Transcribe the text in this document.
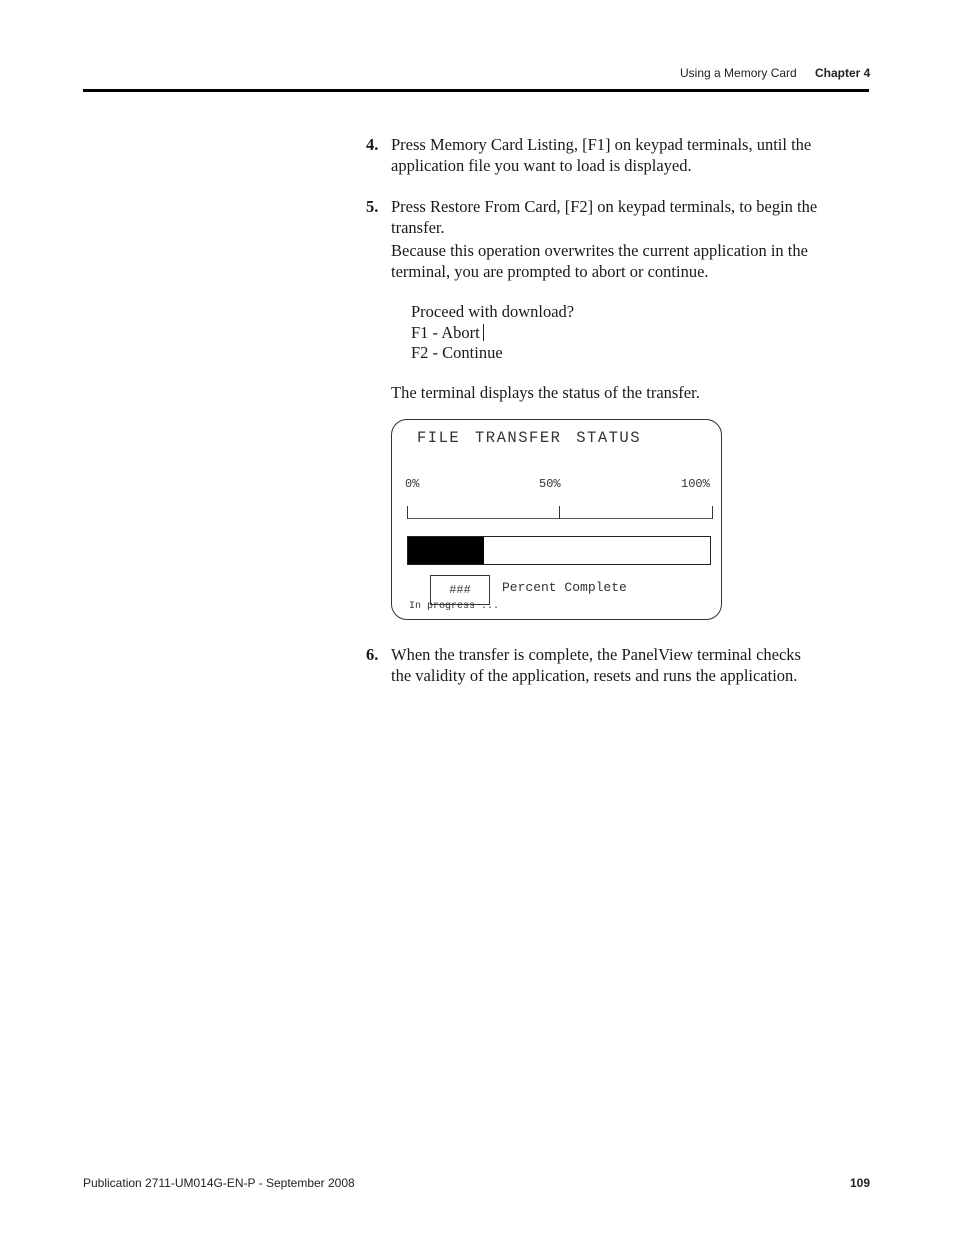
Using a Memory Card Chapter 4
4. Press Memory Card Listing, [F1] on keypad terminals, until the
application file you want to load is displayed.
5. Press Restore From Card, [F2] on keypad terminals, to begin the
transfer.
Because this operation overwrites the current application in the
terminal, you are prompted to abort or continue.
Proceed with download?
F1 - Abort
F2 - Continue
The terminal displays the status of the transfer.
FILE TRANSFER STATUS
0%	50%	100%
###	Percent Complete
In progress ...
6. When the transfer is complete, the PanelView terminal checks
the validity of the application, resets and runs the application.
Publication 2711-UM014G-EN-P - September 2008	109
